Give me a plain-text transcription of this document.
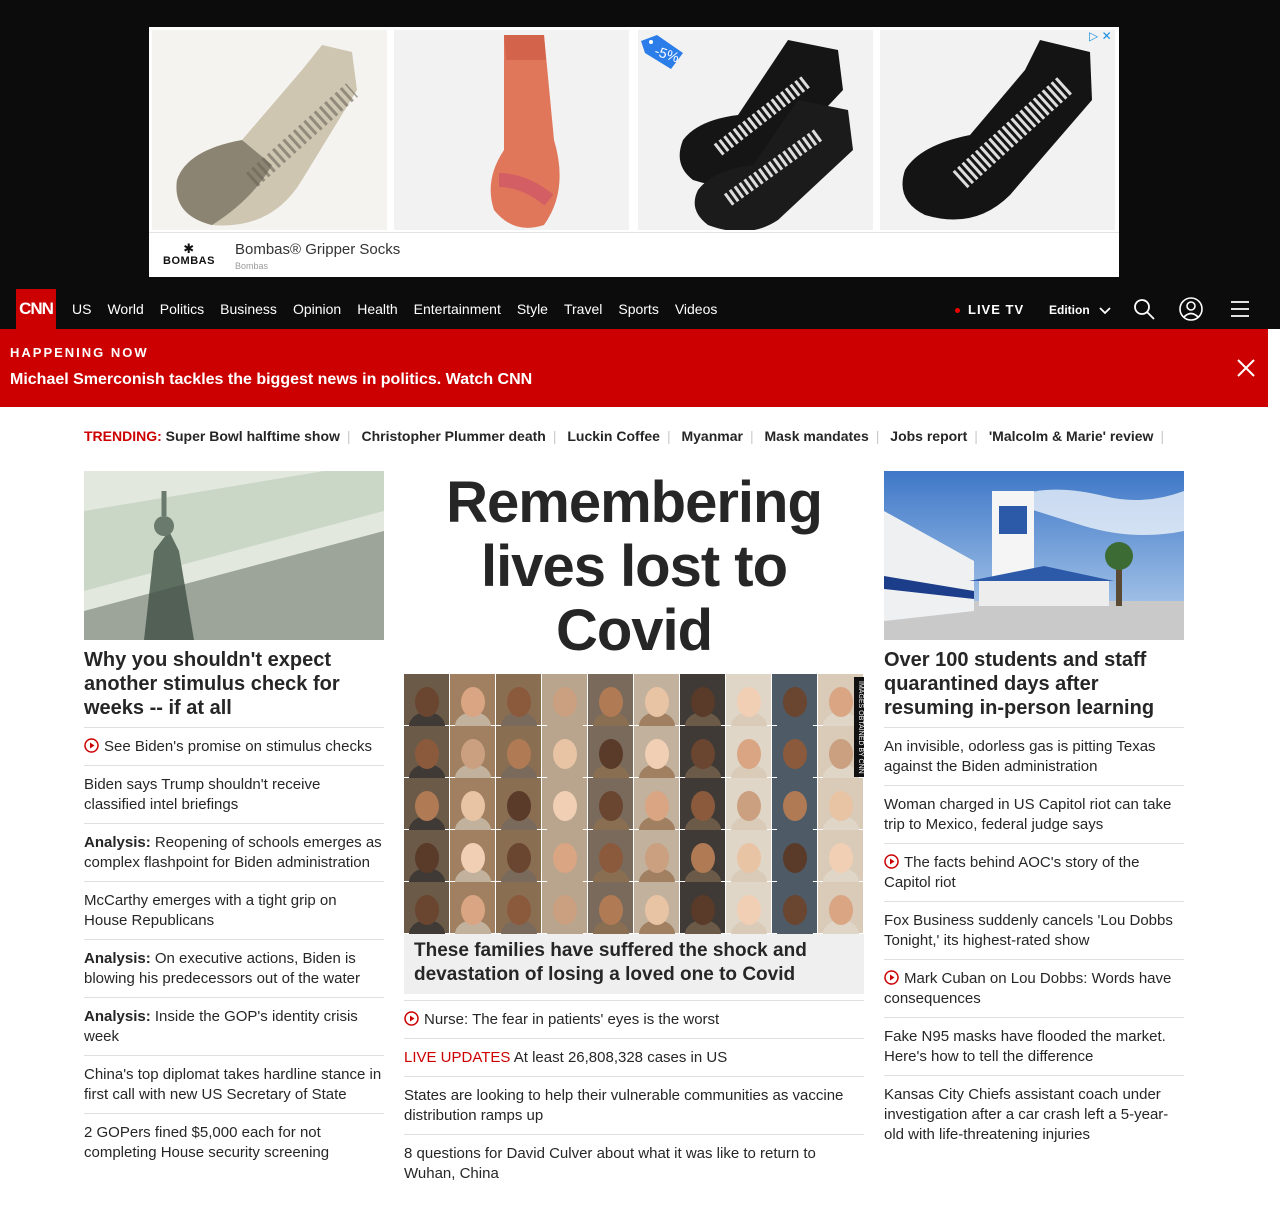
-5%
▷ ✕
✱
BOMBAS
Bombas® Gripper Socks
Bombas
CNN US World Politics Business Opinion Health Entertainment Style Travel Sports Videos	LIVE TV Edition
HAPPENING NOW
Michael Smerconish tackles the biggest news in politics. Watch CNN
TRENDING: Super Bowl halftime show | Christopher Plummer death | Luckin Coffee | Myanmar | Mask mandates | Jobs report | 'Malcolm & Marie' review |
Why you shouldn't expect another stimulus check for weeks -- if at all
See Biden's promise on stimulus checks
Biden says Trump shouldn't receive classified intel briefings
Analysis: Reopening of schools emerges as complex flashpoint for Biden administration
McCarthy emerges with a tight grip on House Republicans
Analysis: On executive actions, Biden is blowing his predecessors out of the water
Analysis: Inside the GOP's identity crisis week
China's top diplomat takes hardline stance in first call with new US Secretary of State
2 GOPers fined $5,000 each for not completing House security screening
Remembering lives lost to Covid
IMAGES OBTAINED BY CNN
These families have suffered the shock and devastation of losing a loved one to Covid
Nurse: The fear in patients' eyes is the worst
LIVE UPDATES At least 26,808,328 cases in US
States are looking to help their vulnerable communities as vaccine distribution ramps up
8 questions for David Culver about what it was like to return to Wuhan, China
Over 100 students and staff quarantined days after resuming in-person learning
An invisible, odorless gas is pitting Texas against the Biden administration
Woman charged in US Capitol riot can take trip to Mexico, federal judge says
The facts behind AOC's story of the Capitol riot
Fox Business suddenly cancels 'Lou Dobbs Tonight,' its highest-rated show
Mark Cuban on Lou Dobbs: Words have consequences
Fake N95 masks have flooded the market. Here's how to tell the difference
Kansas City Chiefs assistant coach under investigation after a car crash left a 5-year-old with life-threatening injuries
